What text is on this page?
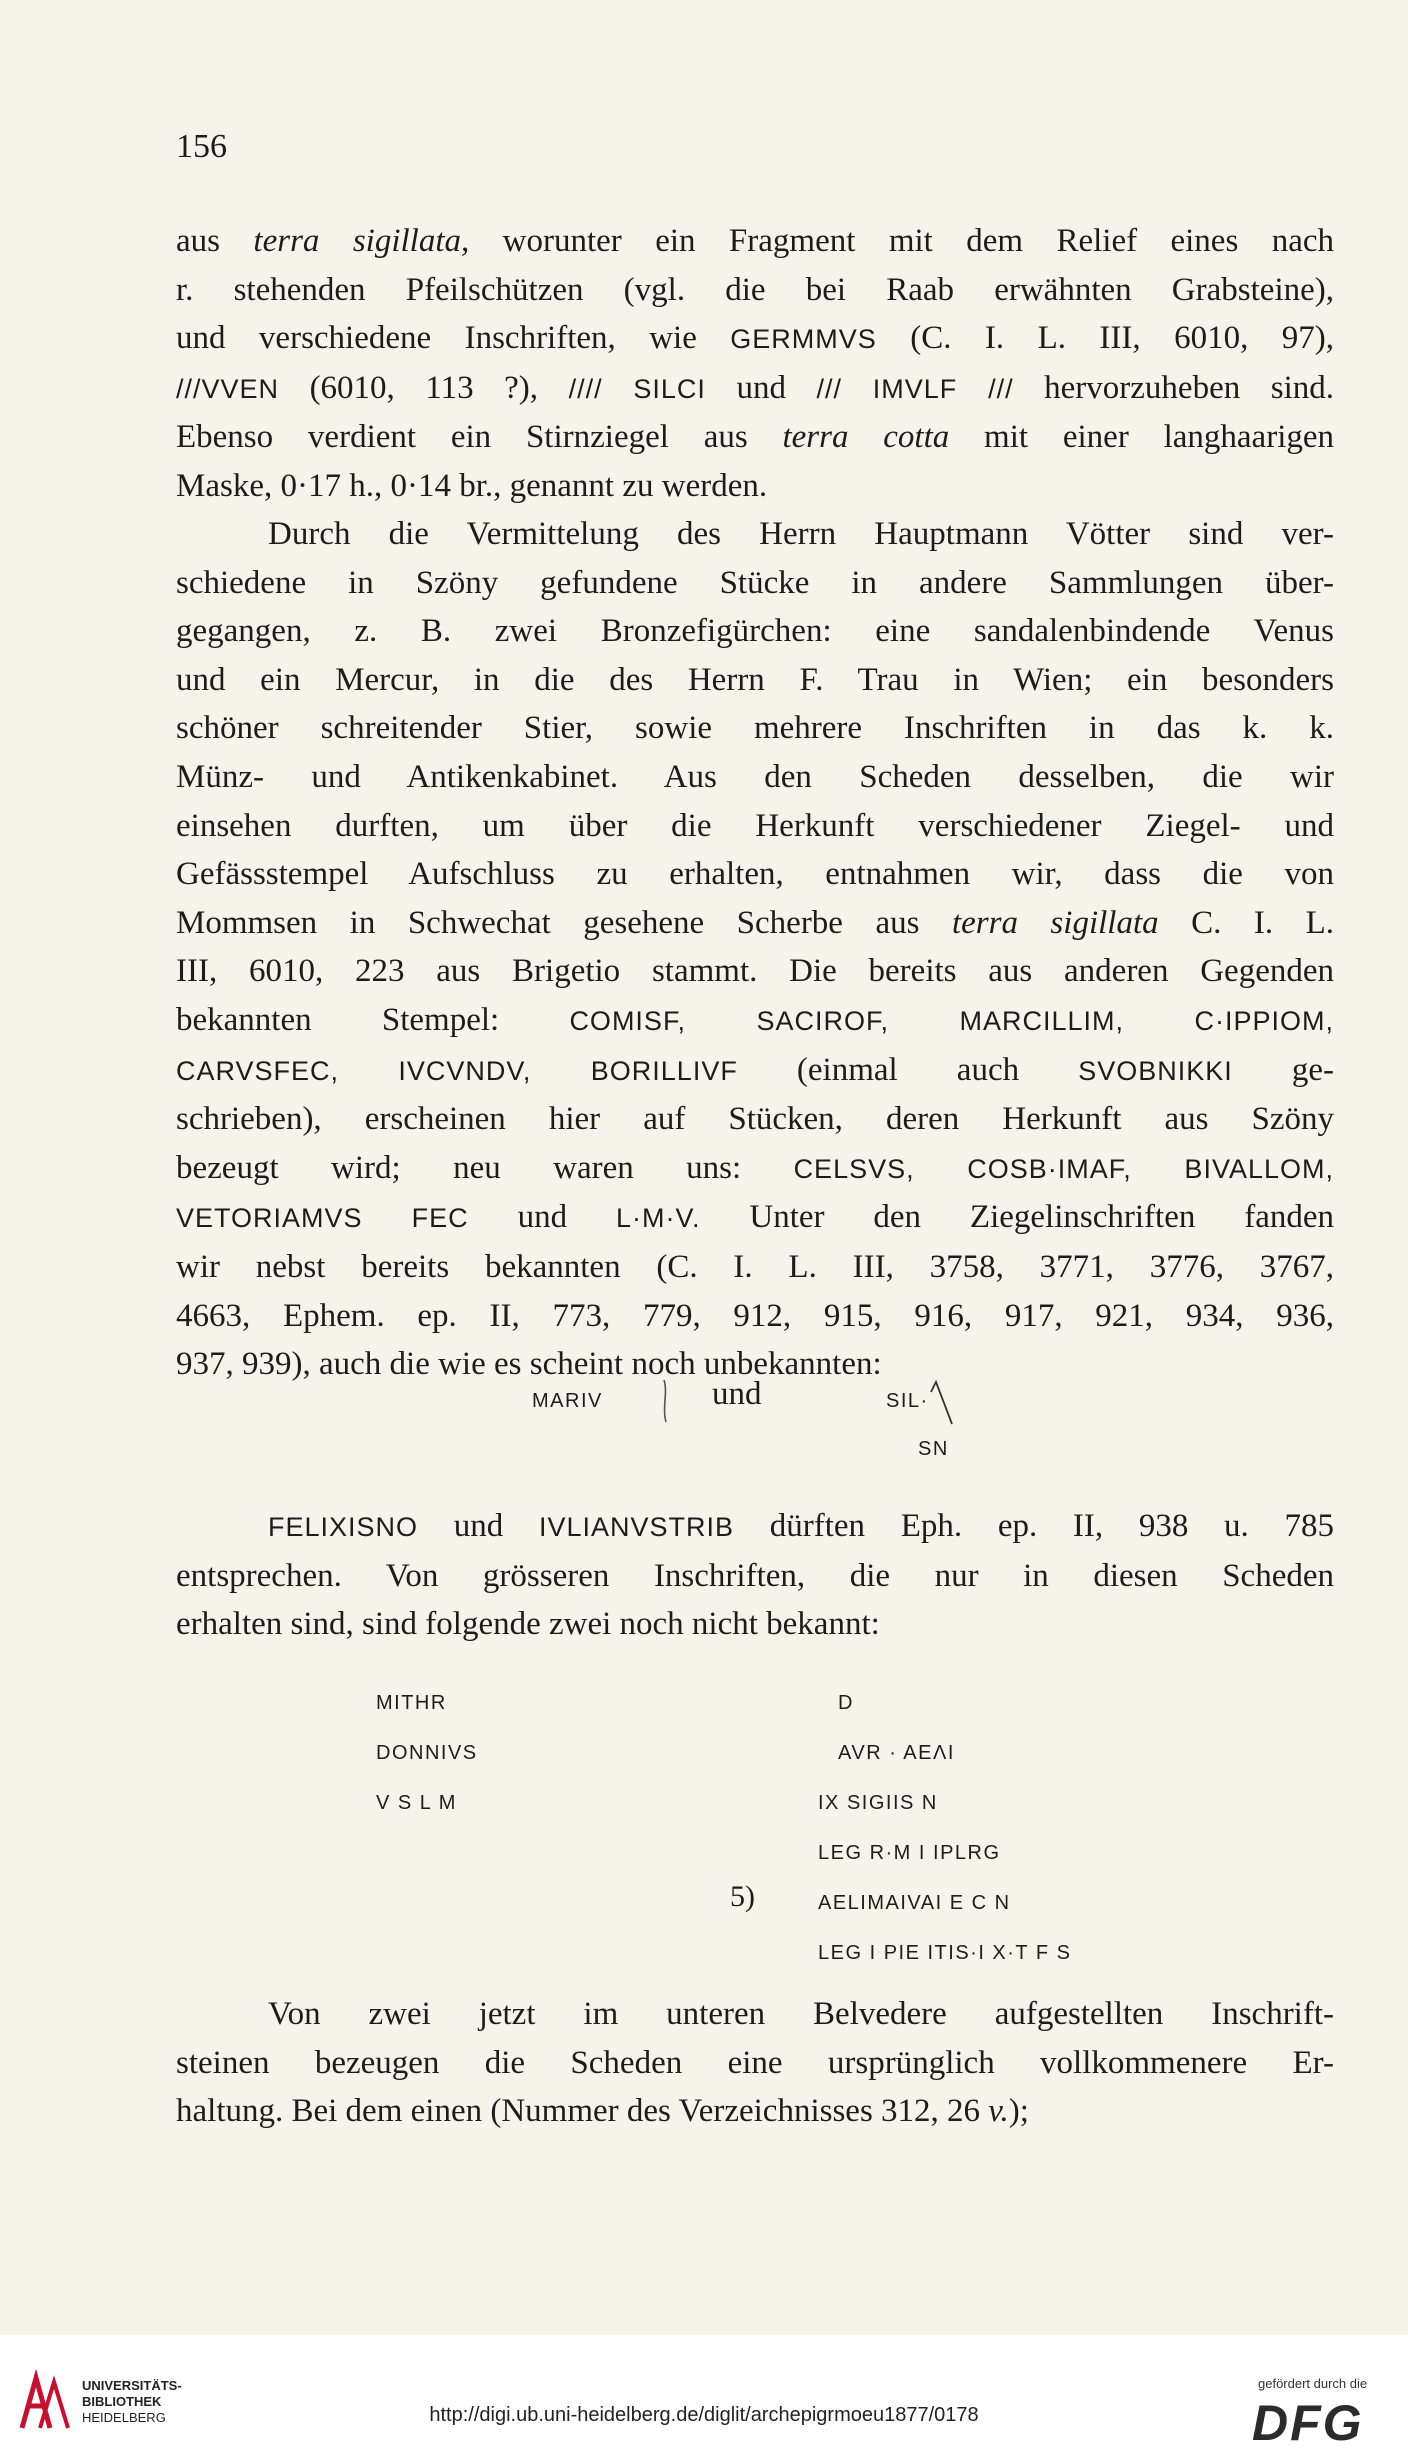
156
aus terra sigillata, worunter ein Fragment mit dem Relief eines nach
r. stehenden Pfeilschützen (vgl. die bei Raab erwähnten Grabsteine),
und verschiedene Inschriften, wie GERMMVS (C. I. L. III, 6010, 97),
///VVEN (6010, 113 ?), //// SILCI und /// IMVLF /// hervorzuheben sind.
Ebenso verdient ein Stirnziegel aus terra cotta mit einer langhaarigen
Maske, 0·17 h., 0·14 br., genannt zu werden.
Durch die Vermittelung des Herrn Hauptmann Vötter sind ver-
schiedene in Szöny gefundene Stücke in andere Sammlungen über-
gegangen, z. B. zwei Bronzefigürchen: eine sandalenbindende Venus
und ein Mercur, in die des Herrn F. Trau in Wien; ein besonders
schöner schreitender Stier, sowie mehrere Inschriften in das k. k.
Münz- und Antikenkabinet. Aus den Scheden desselben, die wir
einsehen durften, um über die Herkunft verschiedener Ziegel- und
Gefässstempel Aufschluss zu erhalten, entnahmen wir, dass die von
Mommsen in Schwechat gesehene Scherbe aus terra sigillata C. I. L.
III, 6010, 223 aus Brigetio stammt. Die bereits aus anderen Gegenden
bekannten Stempel: COMISF, SACIROF, MARCILLIM, C·IPPIOM,
CARVSFEC, IVCVNDV, BORILLIVF (einmal auch SVOBNIKKI ge-
schrieben), erscheinen hier auf Stücken, deren Herkunft aus Szöny
bezeugt wird; neu waren uns: CELSVS, COSB·IMAF, BIVALLOM,
VETORIAMVS FEC und L·M·V. Unter den Ziegelinschriften fanden
wir nebst bereits bekannten (C. I. L. III, 3758, 3771, 3776, 3767,
4663, Ephem. ep. II, 773, 779, 912, 915, 916, 917, 921, 934, 936,
937, 939), auch die wie es scheint noch unbekannten:
MARIV	und	SIL·
SN
FELIXISNO und IVLIANVSTRIB dürften Eph. ep. II, 938 u. 785
entsprechen. Von grösseren Inschriften, die nur in diesen Scheden
erhalten sind, sind folgende zwei noch nicht bekannt:
MITHR
DONNIVS
V S L M
D
AVR · AEΛI
IX SIGIIS N
LEG R·M I IPLRG
AELIMAIVAI E C N
LEG I PIE ITIS·I X·T F S
5)
Von zwei jetzt im unteren Belvedere aufgestellten Inschrift-
steinen bezeugen die Scheden eine ursprünglich vollkommenere Er-
haltung. Bei dem einen (Nummer des Verzeichnisses 312, 26 v.);
UNIVERSITÄTS-
BIBLIOTHEK
HEIDELBERG	http://digi.ub.uni-heidelberg.de/diglit/archepigrmoeu1877/0178
gefördert durch die
DFG
